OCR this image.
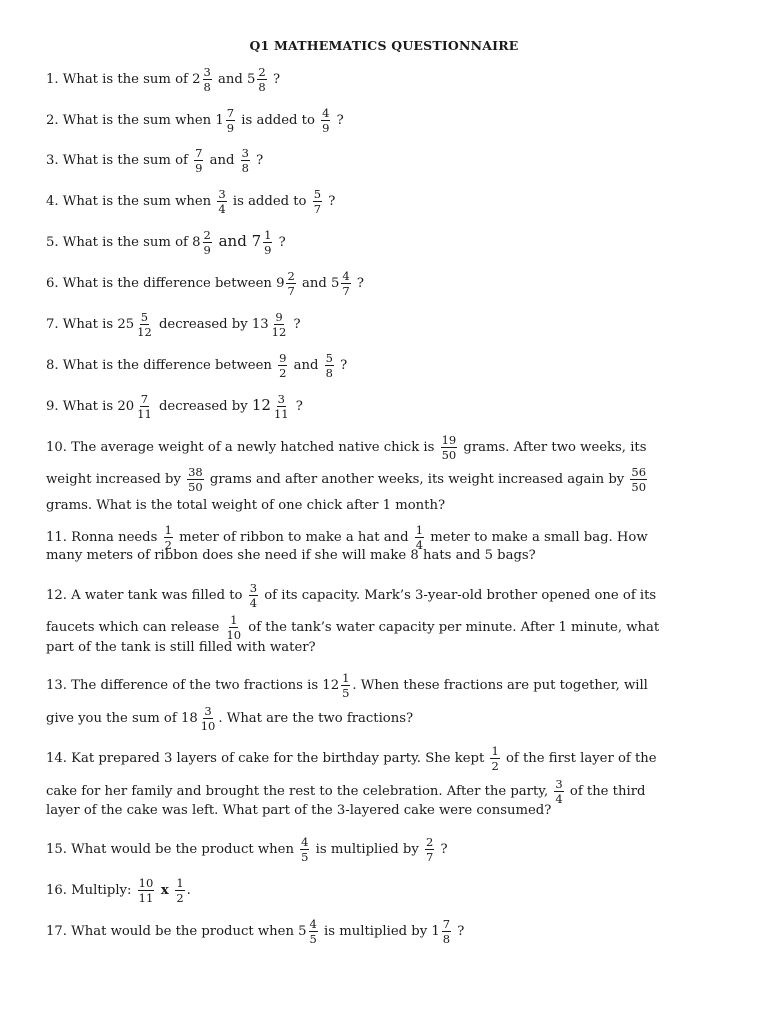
Q1 MATHEMATICS QUESTIONNAIRE
1. What is the sum of $2 \frac{3}{8}$ and $5 \frac{2}{8}$ ?
2. What is the sum when $1 \frac{7}{9}$ is added to $\frac{4}{9}$ ?
3. What is the sum of $\frac{7}{9}$ and $\frac{3}{8}$ ?
4. What is the sum when $\frac{3}{4}$ is added to $\frac{5}{7}$ ?
5. What is the sum of $8 \frac{2}{9}$ and $7 \frac{1}{9}$ ?
6. What is the difference between $9 \frac{2}{7}$ and $5 \frac{4}{7}$ ?
7. What is $25 \frac{5}{12}$ decreased by $13 \frac{9}{12}$ ?
8. What is the difference between $\frac{9}{2}$ and $\frac{5}{8}$ ?
9. What is $20 \frac{7}{11}$ decreased by $12 \frac{3}{11}$ ?
10. The average weight of a newly hatched native chick is $\frac{19}{50}$ grams. After two weeks, its
weight increased by $\frac{38}{50}$ grams and after another weeks, its weight increased again by $\frac{56}{50}$
grams. What is the total weight of one chick after 1 month?
11. Ronna needs $\frac{1}{2}$ meter of ribbon to make a hat and $\frac{1}{4}$ meter to make a small bag. How
many meters of ribbon does she need if she will make 8 hats and 5 bags?
12. A water tank was filled to $\frac{3}{4}$ of its capacity. Mark’s 3-year-old brother opened one of its
faucets which can release $\frac{1}{10}$ of the tank’s water capacity per minute. After 1 minute, what
part of the tank is still filled with water?
13. The difference of the two fractions is $12 \frac{1}{5}$ . When these fractions are put together, will
give you the sum of $18 \frac{3}{10}$ . What are the two fractions?
14. Kat prepared 3 layers of cake for the birthday party. She kept $\frac{1}{2}$ of the first layer of the
cake for her family and brought the rest to the celebration. After the party, $\frac{3}{4}$ of the third
layer of the cake was left. What part of the 3-layered cake were consumed?
15. What would be the product when $\frac{4}{5}$ is multiplied by $\frac{2}{7}$ ?
16. Multiply: $\frac{10}{11}$ x $\frac{1}{2}$ .
17. What would be the product when $5 \frac{4}{5}$ is multiplied by $1 \frac{7}{8}$ ?
